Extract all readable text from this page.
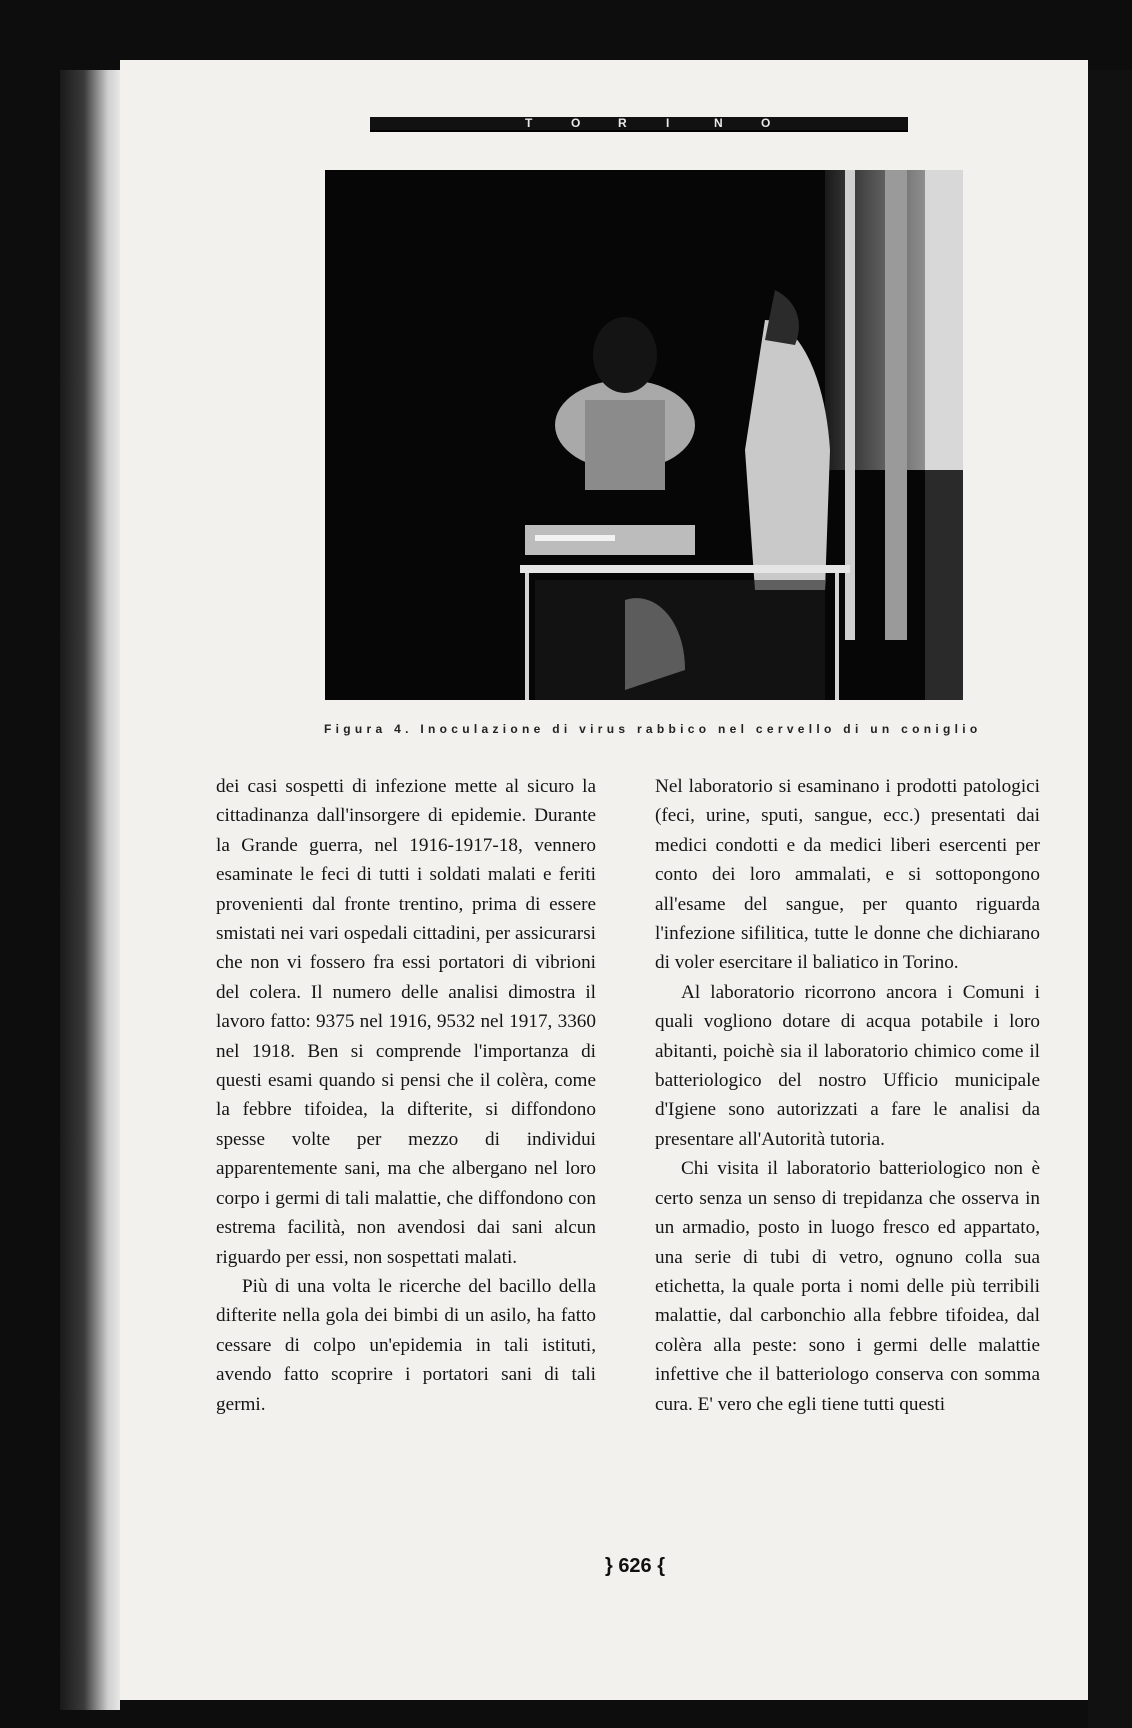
T	O	R	I	N	O
Figura 4. Inoculazione di virus rabbico nel cervello di un coniglio

dei casi sospetti di infezione mette al sicuro la cittadinanza dall'insorgere di epidemie. Durante la Grande guerra, nel 1916-1917-18, vennero esaminate le feci di tutti i soldati malati e feriti provenienti dal fronte trentino, prima di essere smistati nei vari ospedali cittadini, per assicurarsi che non vi fossero fra essi portatori di vibrioni del colera. Il numero delle analisi dimostra il lavoro fatto: 9375 nel 1916, 9532 nel 1917, 3360 nel 1918. Ben si comprende l'importanza di questi esami quando si pensi che il colèra, come la febbre tifoidea, la difterite, si diffondono spesse volte per mezzo di individui apparentemente sani, ma che albergano nel loro corpo i germi di tali malattie, che diffondono con estrema facilità, non avendosi dai sani alcun riguardo per essi, non sospettati malati.

Più di una volta le ricerche del bacillo della difterite nella gola dei bimbi di un asilo, ha fatto cessare di colpo un'epidemia in tali istituti, avendo fatto scoprire i portatori sani di tali germi.

Nel laboratorio si esaminano i prodotti patologici (feci, urine, sputi, sangue, ecc.) presentati dai medici condotti e da medici liberi esercenti per conto dei loro ammalati, e si sottopongono all'esame del sangue, per quanto riguarda l'infezione sifilitica, tutte le donne che dichiarano di voler esercitare il baliatico in Torino.

Al laboratorio ricorrono ancora i Comuni i quali vogliono dotare di acqua potabile i loro abitanti, poichè sia il laboratorio chimico come il batteriologico del nostro Ufficio municipale d'Igiene sono autorizzati a fare le analisi da presentare all'Autorità tutoria.

Chi visita il laboratorio batteriologico non è certo senza un senso di trepidanza che osserva in un armadio, posto in luogo fresco ed appartato, una serie di tubi di vetro, ognuno colla sua etichetta, la quale porta i nomi delle più terribili malattie, dal carbonchio alla febbre tifoidea, dal colèra alla peste: sono i germi delle malattie infettive che il batteriologo conserva con somma cura. E' vero che egli tiene tutti questi

} 626 {
